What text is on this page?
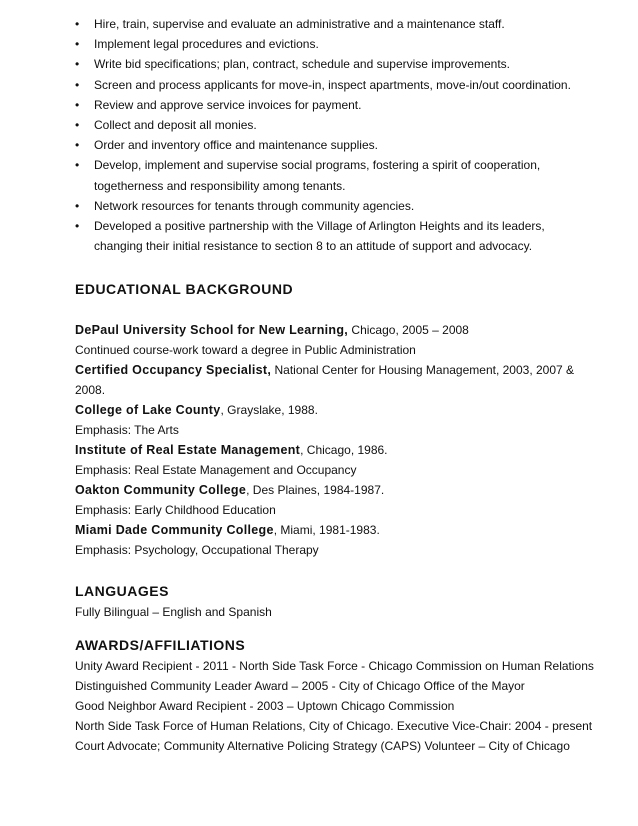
• Hire, train, supervise and evaluate an administrative and a maintenance staff.
• Implement legal procedures and evictions.
• Write bid specifications; plan, contract, schedule and supervise improvements.
• Screen and process applicants for move-in, inspect apartments, move-in/out coordination.
• Review and approve service invoices for payment.
• Collect and deposit all monies.
• Order and inventory office and maintenance supplies.
• Develop, implement and supervise social programs, fostering a spirit of cooperation, togetherness and responsibility among tenants.
• Network resources for tenants through community agencies.
• Developed a positive partnership with the Village of Arlington Heights and its leaders, changing their initial resistance to section 8 to an attitude of support and advocacy.
EDUCATIONAL BACKGROUND
DePaul University School for New Learning, Chicago, 2005 – 2008
Continued course-work toward a degree in Public Administration
Certified Occupancy Specialist, National Center for Housing Management, 2003, 2007 & 2008.
College of Lake County, Grayslake, 1988.
Emphasis: The Arts
Institute of Real Estate Management, Chicago, 1986.
Emphasis: Real Estate Management and Occupancy
Oakton Community College, Des Plaines, 1984-1987.
Emphasis: Early Childhood Education
Miami Dade Community College, Miami, 1981-1983.
Emphasis: Psychology, Occupational Therapy
LANGUAGES
Fully Bilingual – English and Spanish
AWARDS/AFFILIATIONS
Unity Award Recipient - 2011 - North Side Task Force - Chicago Commission on Human Relations
Distinguished Community Leader Award – 2005 - City of Chicago Office of the Mayor
Good Neighbor Award Recipient - 2003 – Uptown Chicago Commission
North Side Task Force of Human Relations, City of Chicago. Executive Vice-Chair: 2004 - present
Court Advocate; Community Alternative Policing Strategy (CAPS) Volunteer – City of Chicago
